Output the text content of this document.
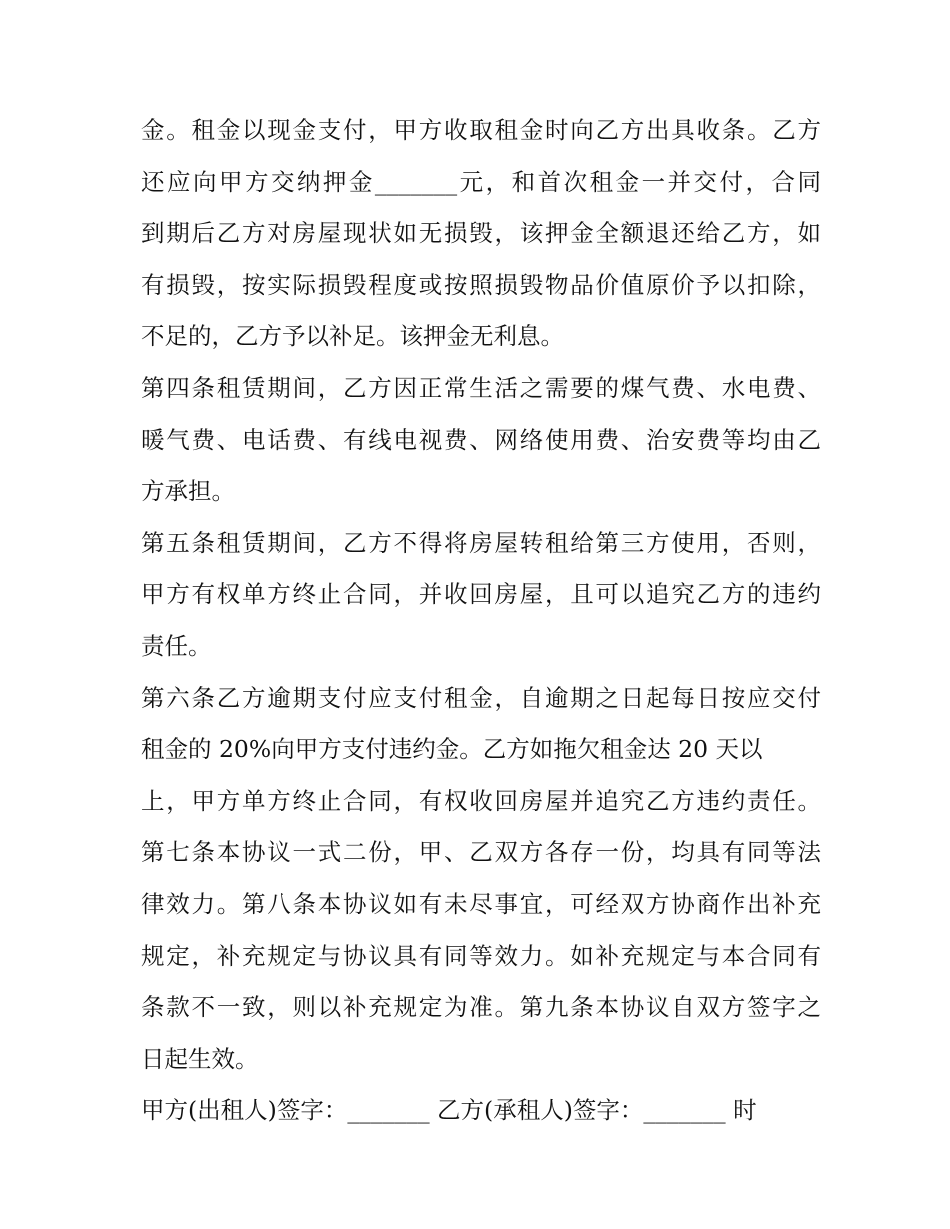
金。租金以现金支付，甲方收取租金时向乙方出具收条。乙方
还应向甲方交纳押金_______元，和首次租金一并交付，合同
到期后乙方对房屋现状如无损毁，该押金全额退还给乙方，如
有损毁，按实际损毁程度或按照损毁物品价值原价予以扣除，
不足的，乙方予以补足。该押金无利息。
第四条租赁期间，乙方因正常生活之需要的煤气费、水电费、
暖气费、电话费、有线电视费、网络使用费、治安费等均由乙
方承担。
第五条租赁期间，乙方不得将房屋转租给第三方使用，否则，
甲方有权单方终止合同，并收回房屋，且可以追究乙方的违约
责任。
第六条乙方逾期支付应支付租金，自逾期之日起每日按应交付
租金的 20%向甲方支付违约金。乙方如拖欠租金达 20 天以
上，甲方单方终止合同，有权收回房屋并追究乙方违约责任。
第七条本协议一式二份，甲、乙双方各存一份，均具有同等法
律效力。第八条本协议如有未尽事宜，可经双方协商作出补充
规定，补充规定与协议具有同等效力。如补充规定与本合同有
条款不一致，则以补充规定为准。第九条本协议自双方签字之
日起生效。
甲方(出租人)签字：_______ 乙方(承租人)签字：_______ 时
